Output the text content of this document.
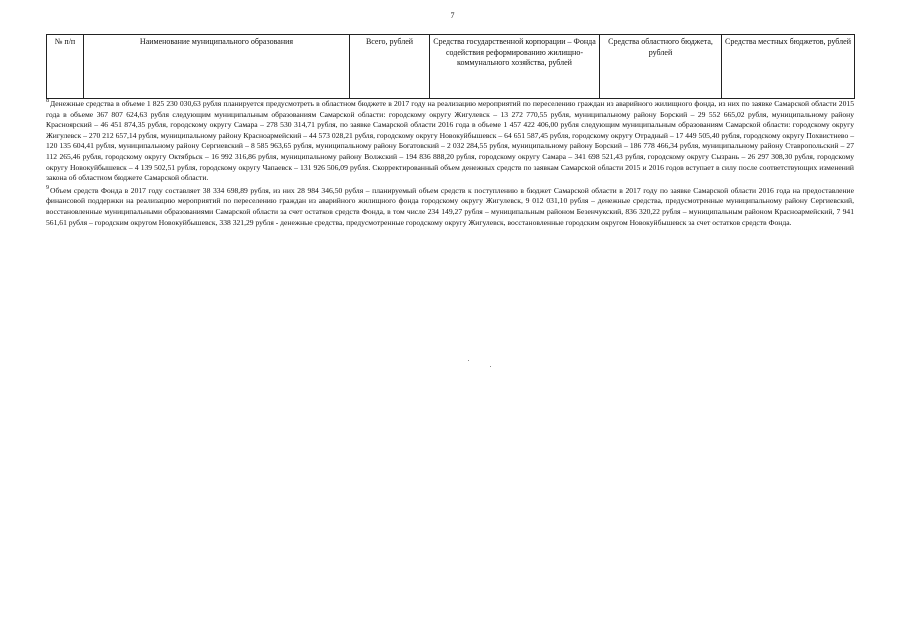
7
№ п/п	Наименование муниципального образования	Всего, рублей	Средства государственной корпорации – Фонда содействия реформированию жилищно-коммунального хозяйства, рублей	Средства областного бюджета, рублей	Средства местных бюджетов, рублей

$^8$Денежные средства в объеме 1 825 230 030,63 рубля планируется предусмотреть в областном бюджете в 2017 году на реализацию мероприятий по переселению граждан из аварийного жилищного фонда, из них по заявке Самарской области 2015 года в объеме 367 807 624,63 рубля следующим муниципальным образованиям Самарской области: городскому округу Жигулевск – 13 272 770,55 рубля, муниципальному району Борский – 29 552 665,02 рубля, муниципальному району Красноярский – 46 451 874,35 рубля, городскому округу Самара – 278 530 314,71 рубля, по заявке Самарской области 2016 года в объеме 1 457 422 406,00 рубля следующим муниципальным образованиям Самарской области: городскому округу Жигулевск – 270 212 657,14 рубля, муниципальному району Красноармейский – 44 573 028,21 рубля, городскому округу Новокуйбышевск – 64 651 587,45 рубля, городскому округу Отрадный – 17 449 505,40 рубля, городскому округу Похвистнево – 120 135 604,41 рубля, муниципальному району Сергиевский – 8 585 963,65 рубля, муниципальному району Богатовский – 2 032 284,55 рубля, муниципальному району Борский – 186 778 466,34 рубля, муниципальному району Ставропольский – 27 112 265,46 рубля, городскому округу Октябрьск – 16 992 316,86 рубля, муниципальному району Волжский – 194 836 888,20 рубля, городскому округу Самара – 341 698 521,43 рубля, городскому округу Сызрань – 26 297 308,30 рубля, городскому округу Новокуйбышевск – 4 139 502,51 рубля, городскому округу Чапаевск – 131 926 506,09 рубля. Скорректированный объем денежных средств по заявкам Самарской области 2015 и 2016 годов вступает в силу после соответствующих изменений закона об областном бюджете Самарской области.

$^9$Объем средств Фонда в 2017 году составляет 38 334 698,89 рубля, из них 28 984 346,50 рубля – планируемый объем средств к поступлению в бюджет Самарской области в 2017 году по заявке Самарской области 2016 года на предоставление финансовой поддержки на реализацию мероприятий по переселению граждан из аварийного жилищного фонда городскому округу Жигулевск, 9 012 031,10 рубля – денежные средства, предусмотренные муниципальному району Сергиевский, восстановленные муниципальными образованиями Самарской области за счет остатков средств Фонда, в том числе 234 149,27 рубля – муниципальным районом Безенчукский, 836 320,22 рубля – муниципальным районом Красноармейский, 7 941 561,61 рубля – городским округом Новокуйбышевск, 338 321,29 рубля - денежные средства, предусмотренные городскому округу Жигулевск, восстановленные городским округом Новокуйбышевск за счет остатков средств Фонда.
